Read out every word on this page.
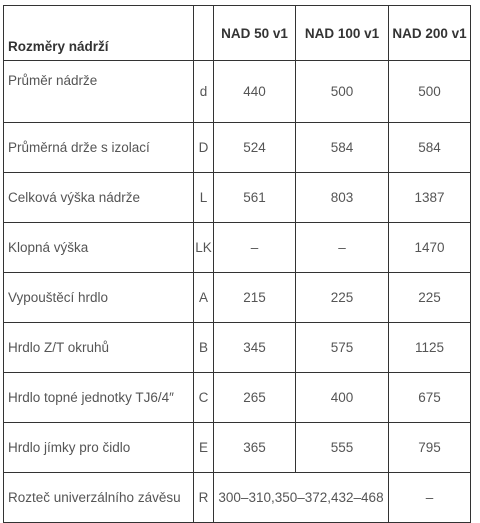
Rozměry nádrží		NAD 50 v1	NAD 100 v1	NAD 200 v1
Průměr nádrže	d	440	500	500
Průměrná drže s izolací	D	524	584	584
Celková výška nádrže	L	561	803	1387
Klopná výška	LK	–	–	1470
Vypouštěcí hrdlo	A	215	225	225
Hrdlo Z/T okruhů	B	345	575	1125
Hrdlo topné jednotky TJ6/4″	C	265	400	675
Hrdlo jímky pro čidlo	E	365	555	795
Rozteč univerzálního závěsu	R	300–310,350–372,432–468		–
